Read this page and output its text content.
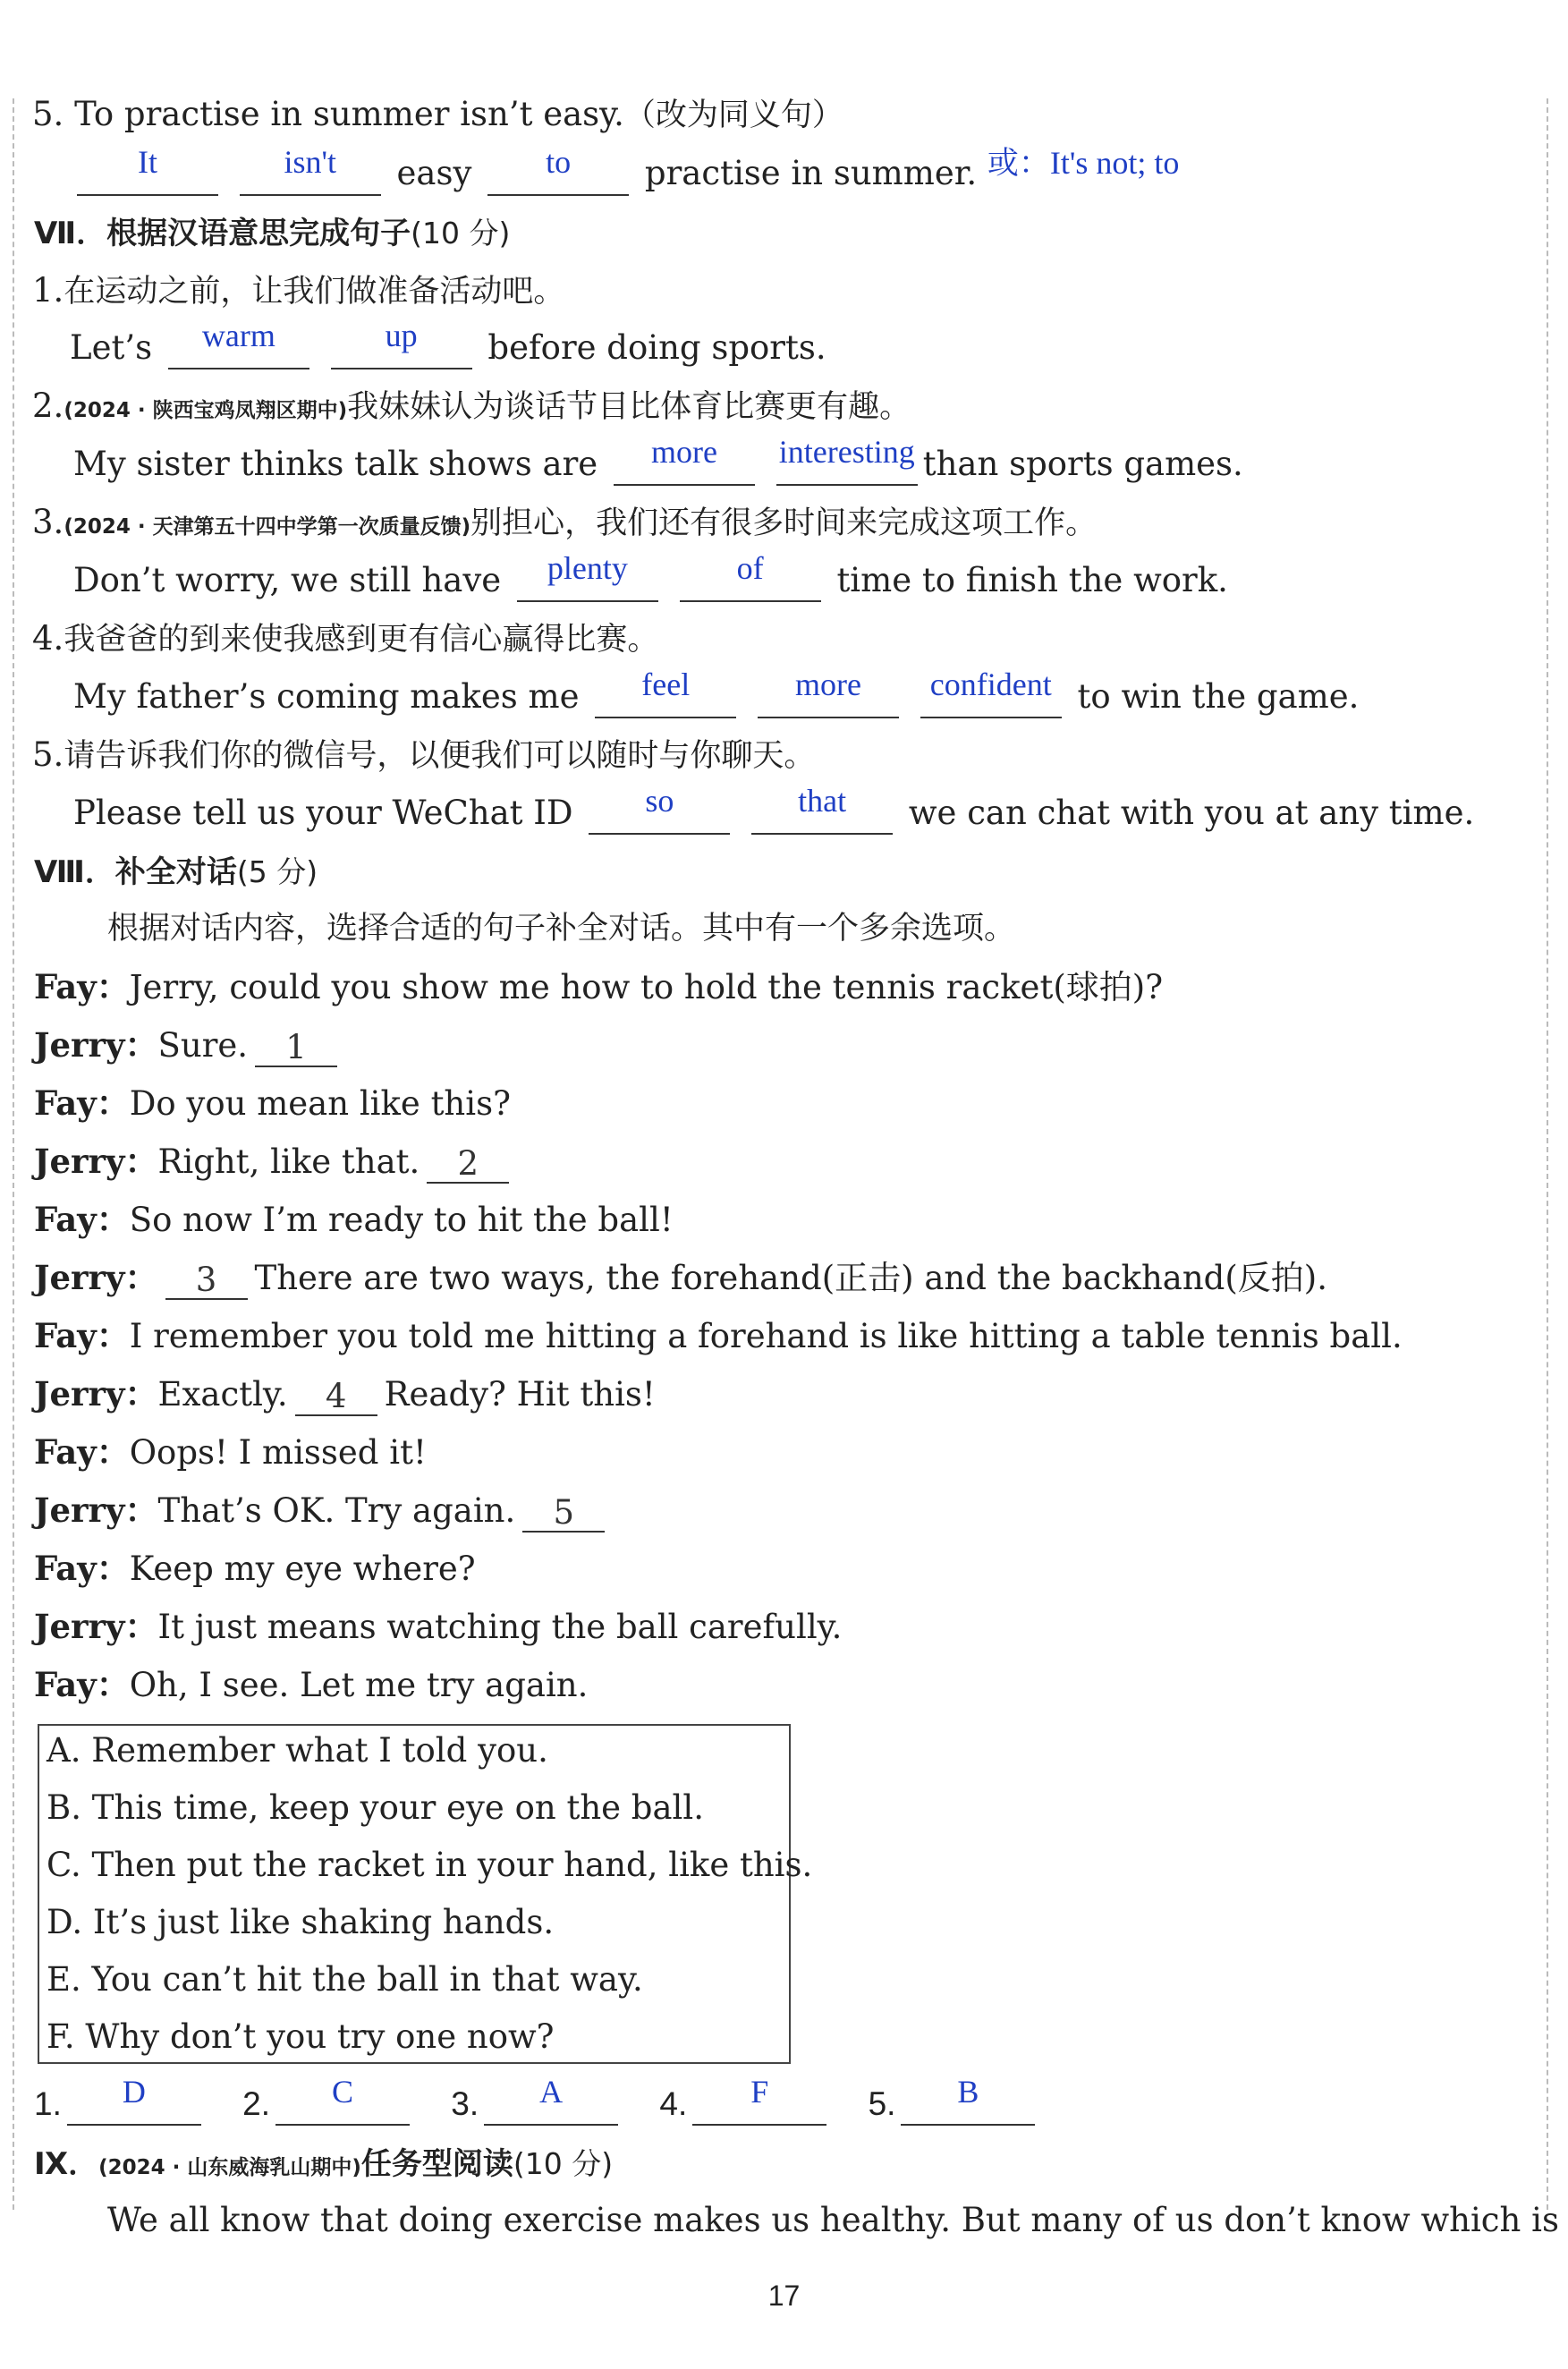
5. To practise in summer isn’t easy.（改为同义句）
It
	isn't	easy	to	practise in summer. 或：It's not; to
Ⅶ．根据汉语意思完成句子(10 分)
1.在运动之前，让我们做准备活动吧。
Let’s	warm
	up	before doing sports.
2.(2024 · 陕西宝鸡凤翔区期中)我妹妹认为谈话节目比体育比赛更有趣。
My sister thinks talk shows are	more
	interesting than sports games.
3.(2024 · 天津第五十四中学第一次质量反馈)别担心，我们还有很多时间来完成这项工作。
Don’t worry, we still have	plenty
	of	time to finish the work.
4.我爸爸的到来使我感到更有信心赢得比赛。
My father’s coming makes me	feel
	more
	confident to win the game.
5.请告诉我们你的微信号，以便我们可以随时与你聊天。
Please tell us your WeChat ID	so
	that	we can chat with you at any time.
Ⅷ．补全对话(5 分)
根据对话内容，选择合适的句子补全对话。其中有一个多余选项。
Fay：Jerry, could you show me how to hold the tennis racket(球拍)?
Jerry：Sure. 1
Fay：Do you mean like this?
Jerry：Right, like that. 2
Fay：So now I’m ready to hit the ball!
Jerry： 3 There are two ways, the forehand(正击) and the backhand(反拍).
Fay：I remember you told me hitting a forehand is like hitting a table tennis ball.
Jerry：Exactly. 4 Ready? Hit this!
Fay：Oops! I missed it!
Jerry：That’s OK. Try again. 5
Fay：Keep my eye where?
Jerry：It just means watching the ball carefully.
Fay：Oh, I see. Let me try again.
A. Remember what I told you.
B. This time, keep your eye on the ball.
C. Then put the racket in your hand, like this.
D. It’s just like shaking hands.
E. You can’t hit the ball in that way.
F. Why don’t you try one now?
1.	D	2.	C	3.	A	4.	F	5.	B
Ⅸ．(2024 · 山东威海乳山期中)任务型阅读(10 分)
We all know that doing exercise makes us healthy. But many of us don’t know which is
17
